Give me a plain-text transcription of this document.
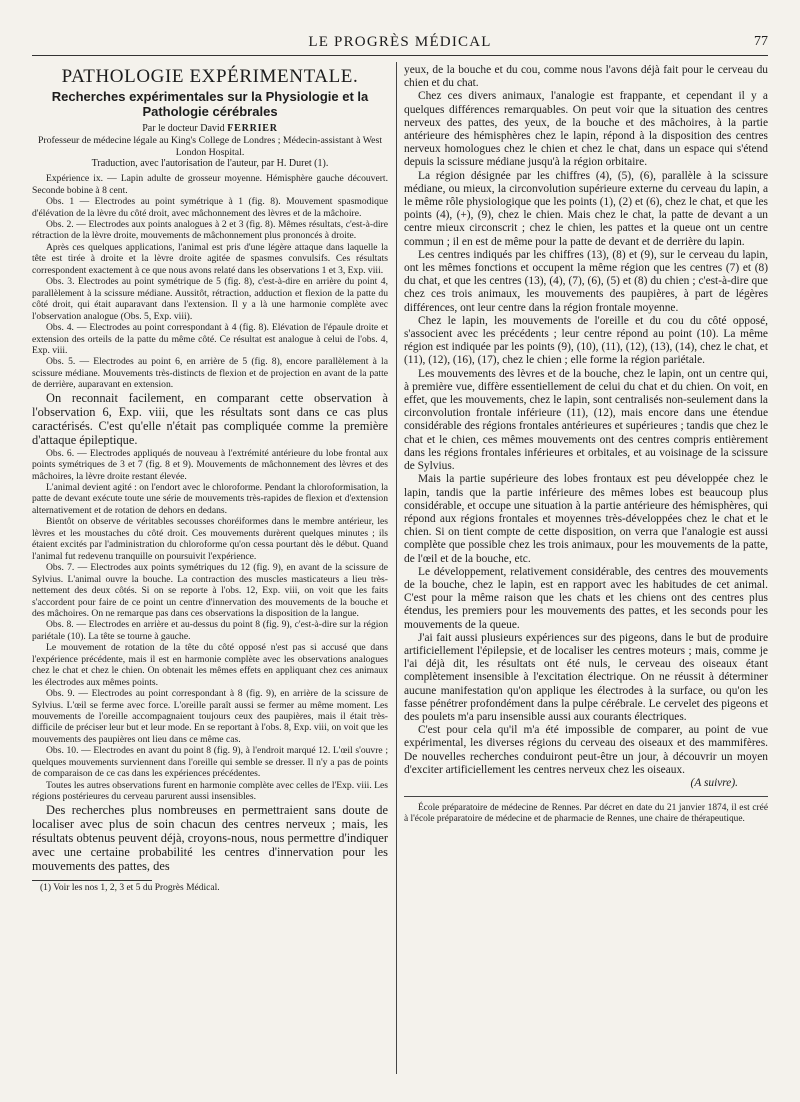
LE PROGRÈS MÉDICAL	77
PATHOLOGIE EXPÉRIMENTALE.
Recherches expérimentales sur la Physiologie et la Pathologie cérébrales
Par le docteur David FERRIER
Professeur de médecine légale au King's College de Londres ; Médecin-assistant à West London Hospital.
Traduction, avec l'autorisation de l'auteur, par H. Duret (1).
Expérience ix. — Lapin adulte de grosseur moyenne. Hémisphère gauche découvert. Seconde bobine à 8 cent.
Obs. 1 — Electrodes au point symétrique à 1 (fig. 8). Mouvement spasmodique d'élévation de la lèvre du côté droit, avec mâchonnement des lèvres et de la mâchoire.
Obs. 2. — Electrodes aux points analogues à 2 et 3 (fig. 8). Mêmes résultats, c'est-à-dire rétraction de la lèvre droite, mouvements de mâchonnement plus prononcés à droite.
Après ces quelques applications, l'animal est pris d'une légère attaque dans laquelle la tête est tirée à droite et la lèvre droite agitée de spasmes convulsifs. Ces résultats correspondent exactement à ce que nous avons relaté dans les observations 1 et 3, Exp. viii.
Obs. 3. Electrodes au point symétrique de 5 (fig. 8), c'est-à-dire en arrière du point 4, parallèlement à la scissure médiane. Aussitôt, rétraction, adduction et flexion de la patte du côté droit, qui était auparavant dans l'extension. Il y a là une harmonie complète avec l'observation analogue (Obs. 5, Exp. viii).
Obs. 4. — Electrodes au point correspondant à 4 (fig. 8). Elévation de l'épaule droite et extension des orteils de la patte du même côté. Ce résultat est analogue à celui de l'obs. 4, Exp. viii.
Obs. 5. — Electrodes au point 6, en arrière de 5 (fig. 8), encore parallèlement à la scissure médiane. Mouvements très-distincts de flexion et de projection en avant de la patte de derrière, auparavant en extension.
On reconnait facilement, en comparant cette observation à l'observation 6, Exp. viii, que les résultats sont dans ce cas plus caractérisés. C'est qu'elle n'était pas compliquée comme la première d'attaque épileptique.
Obs. 6. — Electrodes appliqués de nouveau à l'extrémité antérieure du lobe frontal aux points symétriques de 3 et 7 (fig. 8 et 9). Mouvements de mâchonnement des lèvres et des mâchoires, la lèvre droite restant élevée.
L'animal devient agité : on l'endort avec le chloroforme. Pendant la chloroformisation, la patte de devant exécute toute une série de mouvements très-rapides de flexion et d'extension alternativement et de rotation de dehors en dedans.
Bientôt on observe de véritables secousses choréiformes dans le membre antérieur, les lèvres et les moustaches du côté droit. Ces mouvements durèrent quelques minutes ; ils étaient excités par l'administration du chloroforme qu'on cessa pourtant dès le début. Quand l'animal fut redevenu tranquille on poursuivit l'expérience.
Obs. 7. — Electrodes aux points symétriques du 12 (fig. 9), en avant de la scissure de Sylvius. L'animal ouvre la bouche. La contraction des muscles masticateurs a lieu très-nettement des deux côtés. Si on se reporte à l'obs. 12, Exp. viii, on voit que les faits s'accordent pour faire de ce point un centre d'innervation des mouvements de la bouche et des mâchoires. On ne remarque pas dans ces observations la disposition de la langue.
Obs. 8. — Electrodes en arrière et au-dessus du point 8 (fig. 9), c'est-à-dire sur la région pariétale (10). La tête se tourne à gauche.
Le mouvement de rotation de la tête du côté opposé n'est pas si accusé que dans l'expérience précédente, mais il est en harmonie complète avec les observations analogues chez le chat et chez le chien. On obtenait les mêmes effets en appliquant chez ces animaux les électrodes aux mêmes points.
Obs. 9. — Electrodes au point correspondant à 8 (fig. 9), en arrière de la scissure de Sylvius. L'œil se ferme avec force. L'oreille paraît aussi se fermer au même moment. Les mouvements de l'oreille accompagnaient toujours ceux des paupières, mais il était très-difficile de préciser leur but et leur mode. En se reportant à l'obs. 8, Exp. viii, on voit que les mouvements des paupières ont lieu dans ce même cas.
Obs. 10. — Electrodes en avant du point 8 (fig. 9), à l'endroit marqué 12. L'œil s'ouvre ; quelques mouvements surviennent dans l'oreille qui semble se dresser. Il n'y a pas de points de comparaison de ce cas dans les expériences précédentes.
Toutes les autres observations furent en harmonie complète avec celles de l'Exp. viii. Les régions postérieures du cerveau parurent aussi insensibles.
Des recherches plus nombreuses en permettraient sans doute de localiser avec plus de soin chacun des centres nerveux ; mais, les résultats obtenus peuvent déjà, croyons-nous, nous permettre d'indiquer avec une certaine probabilité les centres d'innervation pour les mouvements des pattes, des
(1) Voir les nos 1, 2, 3 et 5 du Progrès Médical.
yeux, de la bouche et du cou, comme nous l'avons déjà fait pour le cerveau du chien et du chat.
Chez ces divers animaux, l'analogie est frappante, et cependant il y a quelques différences remarquables. On peut voir que la situation des centres nerveux des pattes, des yeux, de la bouche et des mâchoires, à la partie antérieure des hémisphères chez le lapin, répond à la disposition des centres nerveux homologues chez le chien et chez le chat, dans un espace qui s'étend depuis la scissure médiane jusqu'à la région orbitaire.
La région désignée par les chiffres (4), (5), (6), parallèle à la scissure médiane, ou mieux, la circonvolution supérieure externe du cerveau du lapin, a le même rôle physiologique que les points (1), (2) et (6), chez le chat, et que les points (4), (+), (9), chez le chien. Mais chez le chat, la patte de devant a un centre mieux circonscrit ; chez le chien, les pattes et la queue ont un centre commun ; il en est de même pour la patte de devant et de derrière du lapin.
Les centres indiqués par les chiffres (13), (8) et (9), sur le cerveau du lapin, ont les mêmes fonctions et occupent la même région que les centres (7) et (8) du chat, et que les centres (13), (4), (7), (6), (5) et (8) du chien ; c'est-à-dire que chez ces trois animaux, les mouvements des paupières, à part de légères différences, ont leur centre dans la région frontale moyenne.
Chez le lapin, les mouvements de l'oreille et du cou du côté opposé, s'associent avec les précédents ; leur centre répond au point (10). La même région est indiquée par les points (9), (10), (11), (12), (13), (14), chez le chat, et (11), (12), (16), (17), chez le chien ; elle forme la région pariétale.
Les mouvements des lèvres et de la bouche, chez le lapin, ont un centre qui, à première vue, diffère essentiellement de celui du chat et du chien. On voit, en effet, que les mouvements, chez le lapin, sont centralisés non-seulement dans la circonvolution frontale inférieure (11), (12), mais encore dans une étendue considérable des régions frontales antérieures et supérieures ; tandis que chez le chat et le chien, ces mêmes mouvements ont des centres compris entièrement dans les régions frontales inférieures et orbitales, et au voisinage de la scissure de Sylvius.
Mais la partie supérieure des lobes frontaux est peu développée chez le lapin, tandis que la partie inférieure des mêmes lobes est beaucoup plus considérable, et occupe une situation à la partie antérieure des hémisphères, qui répond aux régions frontales et moyennes très-développées chez le chat et le chien. Si on tient compte de cette disposition, on verra que l'analogie est aussi complète que possible chez les trois animaux, pour les mouvements de la patte, de l'œil et de la bouche, etc.
Le développement, relativement considérable, des centres des mouvements de la bouche, chez le lapin, est en rapport avec les habitudes de cet animal. C'est pour la même raison que les chats et les chiens ont des centres plus étendus, les premiers pour les mouvements des pattes, et les seconds pour les mouvements de la queue.
J'ai fait aussi plusieurs expériences sur des pigeons, dans le but de produire artificiellement l'épilepsie, et de localiser les centres moteurs ; mais, comme je l'ai déjà dit, les résultats ont été nuls, le cerveau des oiseaux étant complètement insensible à l'excitation électrique. On ne réussit à déterminer aucune manifestation qu'on applique les électrodes à la surface, ou qu'on les fasse pénétrer profondément dans la pulpe cérébrale. Le cervelet des pigeons et des poulets m'a paru insensible aussi aux courants électriques.
C'est pour cela qu'il m'a été impossible de comparer, au point de vue expérimental, les diverses régions du cerveau des oiseaux et des mammifères. De nouvelles recherches conduiront peut-être un jour, à découvrir un moyen d'exciter artificiellement les centres nerveux chez les oiseaux.
(A suivre).
École préparatoire de médecine de Rennes. Par décret en date du 21 janvier 1874, il est créé à l'école préparatoire de médecine et de pharmacie de Rennes, une chaire de thérapeutique.
